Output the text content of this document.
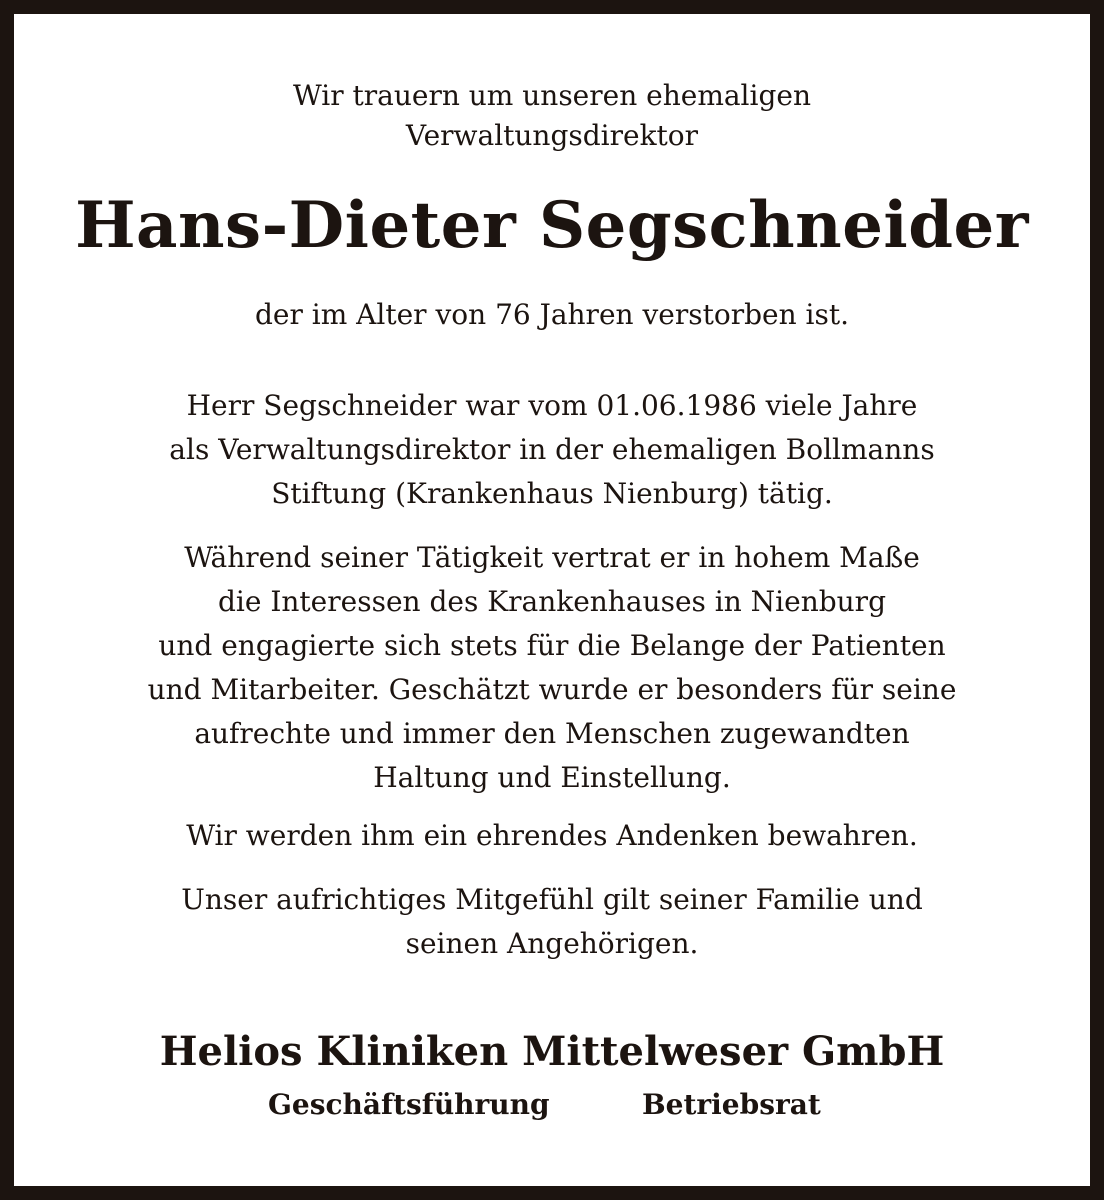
Wir trauern um unseren ehemaligen
Verwaltungsdirektor
Hans-Dieter Segschneider
der im Alter von 76 Jahren verstorben ist.
Herr Segschneider war vom 01.06.1986 viele Jahre
als Verwaltungsdirektor in der ehemaligen Bollmanns
Stiftung (Krankenhaus Nienburg) tätig.
Während seiner Tätigkeit vertrat er in hohem Maße
die Interessen des Krankenhauses in Nienburg
und engagierte sich stets für die Belange der Patienten
und Mitarbeiter. Geschätzt wurde er besonders für seine
aufrechte und immer den Menschen zugewandten
Haltung und Einstellung.
Wir werden ihm ein ehrendes Andenken bewahren.
Unser aufrichtiges Mitgefühl gilt seiner Familie und
seinen Angehörigen.
Helios Kliniken Mittelweser GmbH
Geschäftsführung	Betriebsrat
